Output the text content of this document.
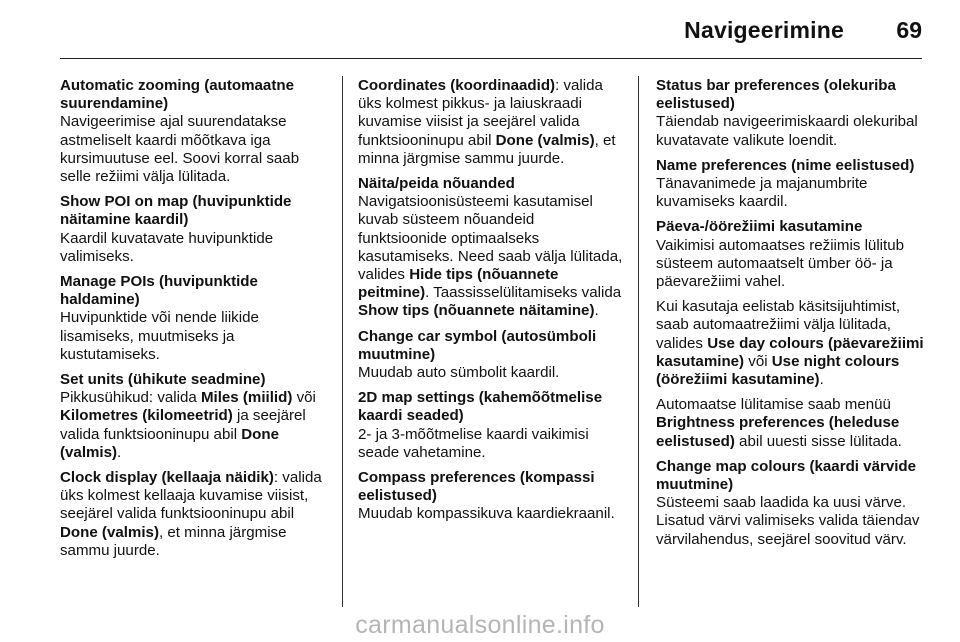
Navigeerimine 69
Automatic zooming (automaatne suurendamine)

Navigeerimise ajal suurendatakse astmeliselt kaardi mõõtkava iga kursimuutuse eel. Soovi korral saab selle režiimi välja lülitada.

Show POI on map (huvipunktide näitamine kaardil)

Kaardil kuvatavate huvipunktide valimiseks.

Manage POIs (huvipunktide haldamine)

Huvipunktide või nende liikide lisamiseks, muutmiseks ja kustutamiseks.

Set units (ühikute seadmine)

Pikkusühikud: valida Miles (miilid) või Kilometres (kilomeetrid) ja seejärel valida funktsiooninupu abil Done (valmis).

Clock display (kellaaja näidik): valida üks kolmest kellaaja kuvamise viisist, seejärel valida funktsiooninupu abil Done (valmis), et minna järgmise sammu juurde.

Coordinates (koordinaadid): valida üks kolmest pikkus- ja laiuskraadi kuvamise viisist ja seejärel valida funktsiooninupu abil Done (valmis), et minna järgmise sammu juurde.

Näita/peida nõuanded

Navigatsioonisüsteemi kasutamisel kuvab süsteem nõuandeid funktsioonide optimaalseks kasutamiseks. Need saab välja lülitada, valides Hide tips (nõuannete peitmine). Taassisselülitamiseks valida Show tips (nõuannete näitamine).

Change car symbol (autosümboli muutmine)

Muudab auto sümbolit kaardil.

2D map settings (kahemõõtmelise kaardi seaded)

2- ja 3-mõõtmelise kaardi vaikimisi seade vahetamine.

Compass preferences (kompassi eelistused)

Muudab kompassikuva kaardiekraanil.

Status bar preferences (olekuriba eelistused)

Täiendab navigeerimiskaardi olekuribal kuvatavate valikute loendit.

Name preferences (nime eelistused)

Tänavanimede ja majanumbrite kuvamiseks kaardil.

Päeva-/öörežiimi kasutamine

Vaikimisi automaatses režiimis lülitub süsteem automaatselt ümber öö- ja päevarežiimi vahel.

Kui kasutaja eelistab käsitsijuhtimist, saab automaatrežiimi välja lülitada, valides Use day colours (päevarežiimi kasutamine) või Use night colours (öörežiimi kasutamine).

Automaatse lülitamise saab menüü Brightness preferences (heleduse eelistused) abil uuesti sisse lülitada.

Change map colours (kaardi värvide muutmine)

Süsteemi saab laadida ka uusi värve. Lisatud värvi valimiseks valida täiendav värvilahendus, seejärel soovitud värv.

carmanualsonline.info
